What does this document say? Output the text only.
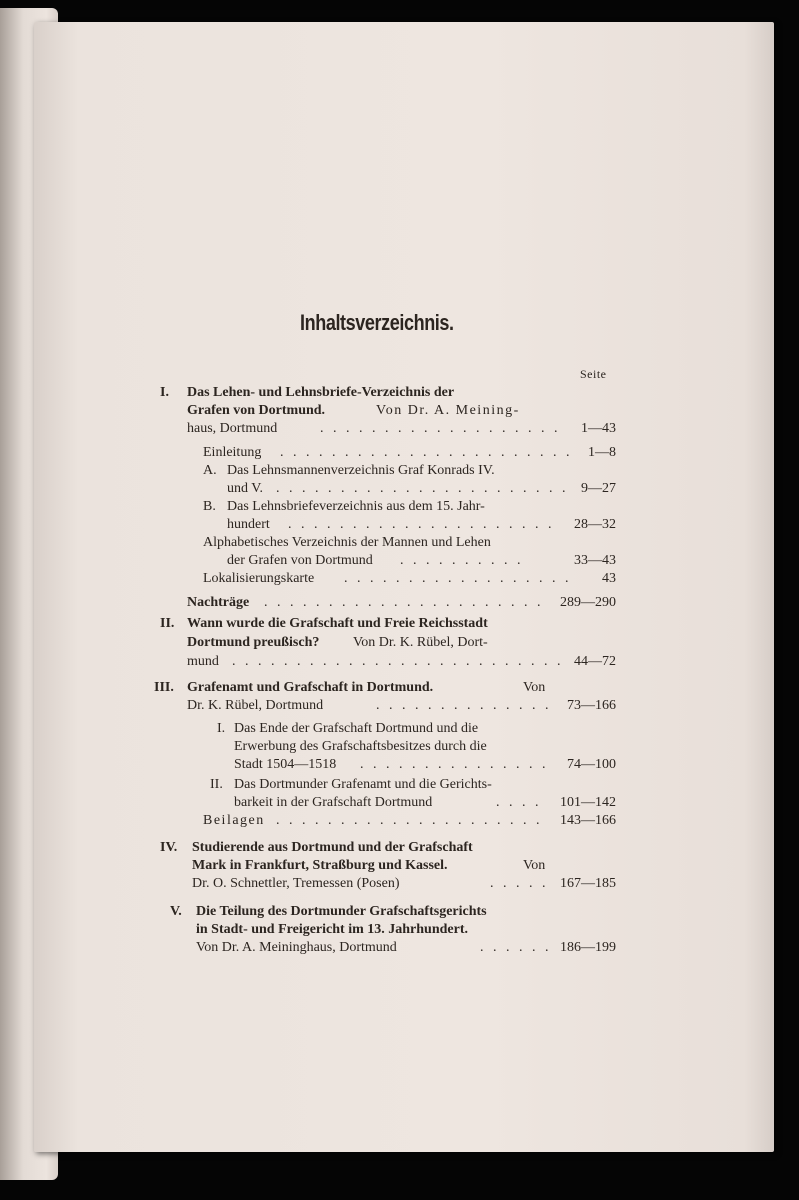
Inhaltsverzeichnis.
Seite
I. Das Lehen- und Lehnsbriefe-Verzeichnis der
Grafen von Dortmund.	Von Dr. A. Meining-
haus, Dortmund	. . . . . . . . . . . . . . . . . . . 1—43
Einleitung . . . . . . . . . . . . . . . . . . . . . . . 1—8
A. Das Lehnsmannenverzeichnis Graf Konrads IV.
und V. . . . . . . . . . . . . . . . . . . . . . . . 9—27
B. Das Lehnsbriefeverzeichnis aus dem 15. Jahr-
hundert . . . . . . . . . . . . . . . . . . . . . 28—32
Alphabetisches Verzeichnis der Mannen und Lehen
der Grafen von Dortmund . . . . . . . . . .	33—43
Lokalisierungskarte . . . . . . . . . . . . . . . . . . 43
Nachträge . . . . . . . . . . . . . . . . . . . . . . 289—290
II. Wann wurde die Grafschaft und Freie Reichsstadt
Dortmund preußisch? Von Dr. K. Rübel, Dort-
mund . . . . . . . . . . . . . . . . . . . . . . . . . . 44—72
III. Grafenamt und Grafschaft in Dortmund.	Von
Dr. K. Rübel, Dortmund	. . . . . . . . . . . . . . 73—166
I. Das Ende der Grafschaft Dortmund und die
Erwerbung des Grafschaftsbesitzes durch die
Stadt 1504—1518 . . . . . . . . . . . . . . . 74—100
II. Das Dortmunder Grafenamt und die Gerichts-
barkeit in der Grafschaft Dortmund	. . . . 101—142
Beilagen . . . . . . . . . . . . . . . . . . . . . 143—166
IV. Studierende aus Dortmund und der Grafschaft
Mark in Frankfurt, Straßburg und Kassel.	Von
Dr. O. Schnettler, Tremessen (Posen)	. . . . . 167—185
V. Die Teilung des Dortmunder Grafschaftsgerichts
in Stadt- und Freigericht im 13. Jahrhundert.
Von Dr. A. Meininghaus, Dortmund	. . . . . . 186—199
